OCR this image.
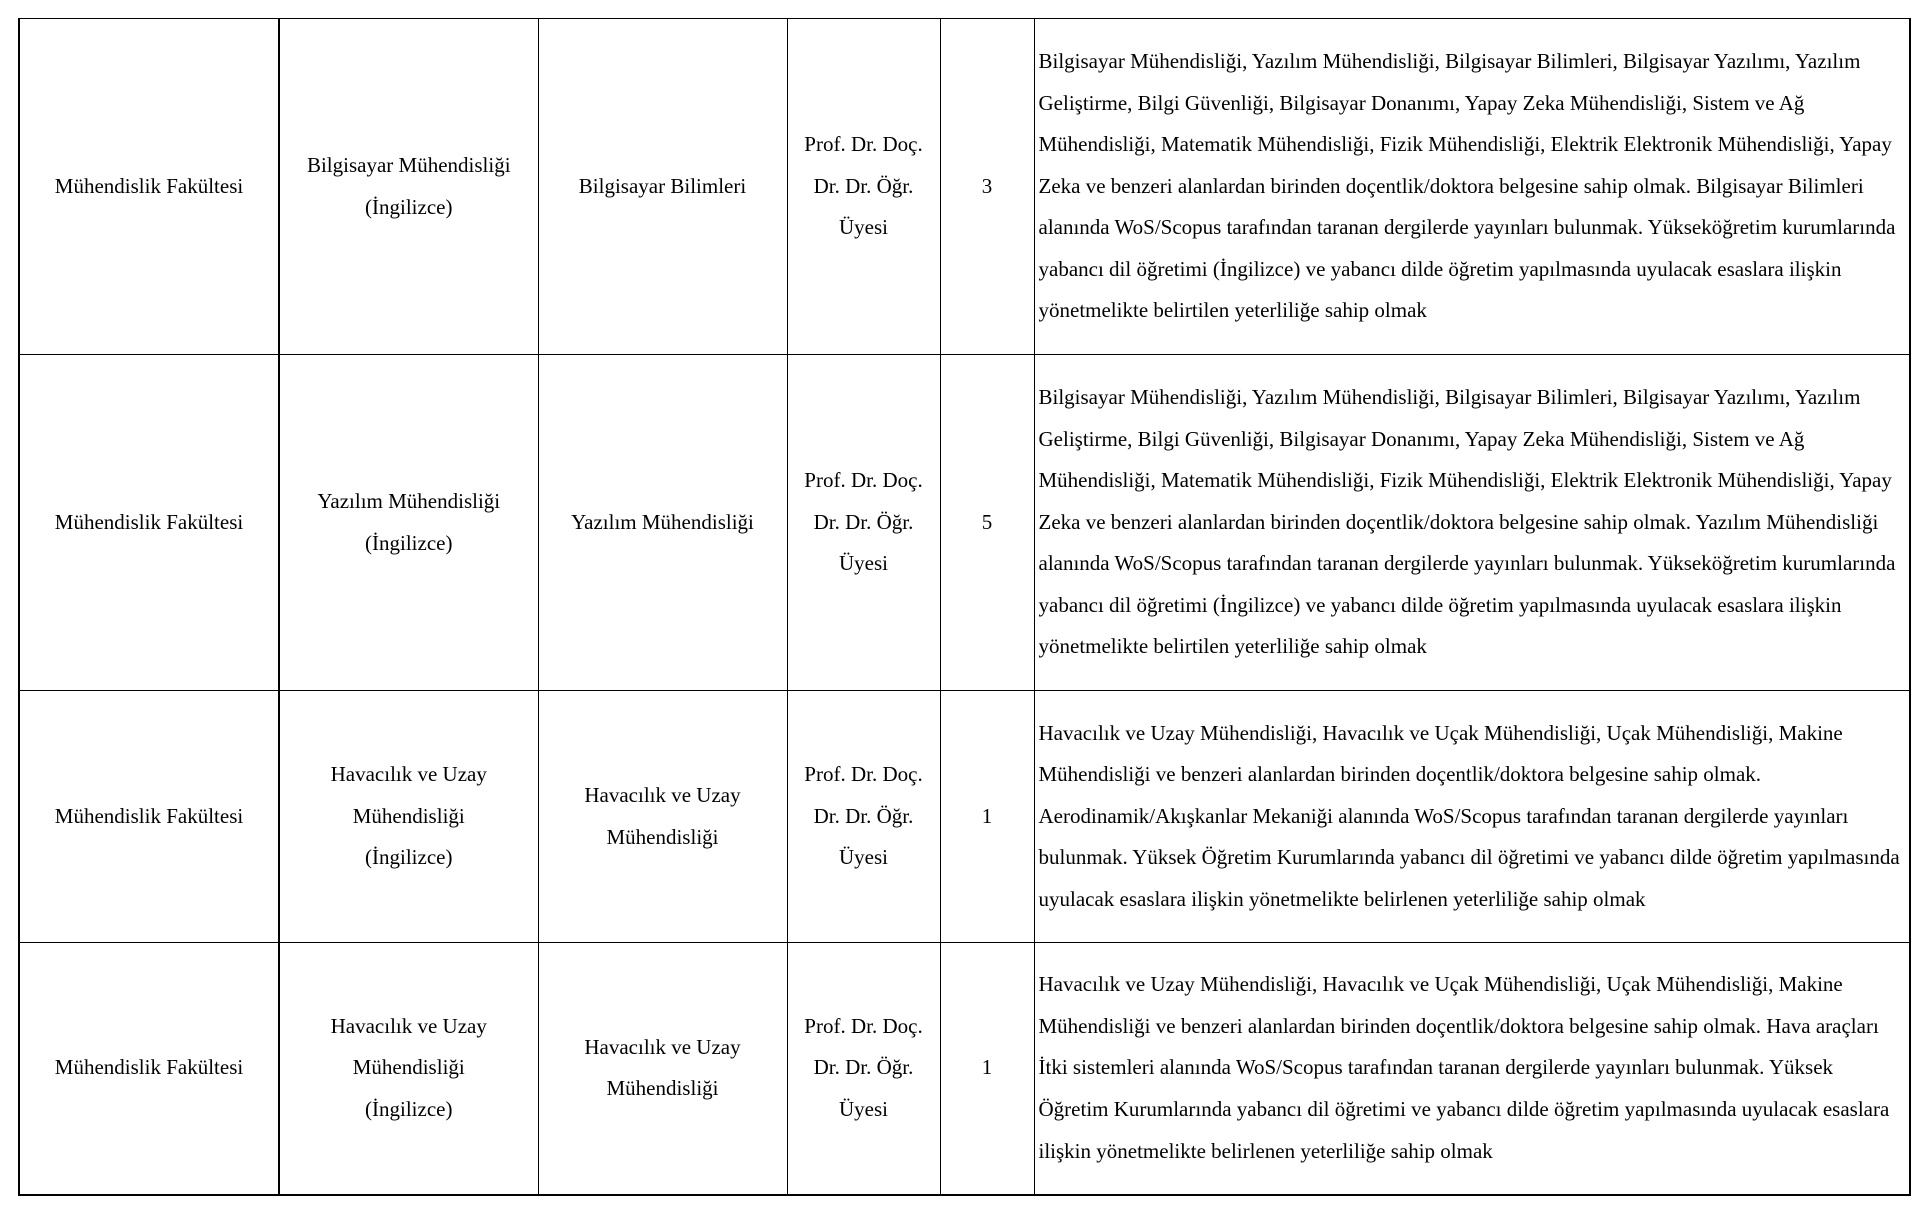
Mühendislik Fakültesi	Bilgisayar Mühendisliği (İngilizce)	Bilgisayar Bilimleri	Prof. Dr. Doç. Dr. Dr. Öğr. Üyesi	3	Bilgisayar Mühendisliği, Yazılım Mühendisliği, Bilgisayar Bilimleri, Bilgisayar Yazılımı, Yazılım Geliştirme, Bilgi Güvenliği, Bilgisayar Donanımı, Yapay Zeka Mühendisliği, Sistem ve Ağ Mühendisliği, Matematik Mühendisliği, Fizik Mühendisliği, Elektrik Elektronik Mühendisliği, Yapay Zeka ve benzeri alanlardan birinden doçentlik/doktora belgesine sahip olmak. Bilgisayar Bilimleri alanında WoS/Scopus tarafından taranan dergilerde yayınları bulunmak. Yükseköğretim kurumlarında yabancı dil öğretimi (İngilizce) ve yabancı dilde öğretim yapılmasında uyulacak esaslara ilişkin yönetmelikte belirtilen yeterliliğe sahip olmak

Mühendislik Fakültesi	Yazılım Mühendisliği (İngilizce)	Yazılım Mühendisliği	Prof. Dr. Doç. Dr. Dr. Öğr. Üyesi	5	Bilgisayar Mühendisliği, Yazılım Mühendisliği, Bilgisayar Bilimleri, Bilgisayar Yazılımı, Yazılım Geliştirme, Bilgi Güvenliği, Bilgisayar Donanımı, Yapay Zeka Mühendisliği, Sistem ve Ağ Mühendisliği, Matematik Mühendisliği, Fizik Mühendisliği, Elektrik Elektronik Mühendisliği, Yapay Zeka ve benzeri alanlardan birinden doçentlik/doktora belgesine sahip olmak. Yazılım Mühendisliği alanında WoS/Scopus tarafından taranan dergilerde yayınları bulunmak. Yükseköğretim kurumlarında yabancı dil öğretimi (İngilizce) ve yabancı dilde öğretim yapılmasında uyulacak esaslara ilişkin yönetmelikte belirtilen yeterliliğe sahip olmak

Mühendislik Fakültesi	Havacılık ve Uzay Mühendisliği (İngilizce)	Havacılık ve Uzay Mühendisliği	Prof. Dr. Doç. Dr. Dr. Öğr. Üyesi	1	Havacılık ve Uzay Mühendisliği, Havacılık ve Uçak Mühendisliği, Uçak Mühendisliği, Makine Mühendisliği ve benzeri alanlardan birinden doçentlik/doktora belgesine sahip olmak. Aerodinamik/Akışkanlar Mekaniği alanında WoS/Scopus tarafından taranan dergilerde yayınları bulunmak. Yüksek Öğretim Kurumlarında yabancı dil öğretimi ve yabancı dilde öğretim yapılmasında uyulacak esaslara ilişkin yönetmelikte belirlenen yeterliliğe sahip olmak

Mühendislik Fakültesi	Havacılık ve Uzay Mühendisliği (İngilizce)	Havacılık ve Uzay Mühendisliği	Prof. Dr. Doç. Dr. Dr. Öğr. Üyesi	1	Havacılık ve Uzay Mühendisliği, Havacılık ve Uçak Mühendisliği, Uçak Mühendisliği, Makine Mühendisliği ve benzeri alanlardan birinden doçentlik/doktora belgesine sahip olmak. Hava araçları İtki sistemleri alanında WoS/Scopus tarafından taranan dergilerde yayınları bulunmak. Yüksek Öğretim Kurumlarında yabancı dil öğretimi ve yabancı dilde öğretim yapılmasında uyulacak esaslara ilişkin yönetmelikte belirlenen yeterliliğe sahip olmak
